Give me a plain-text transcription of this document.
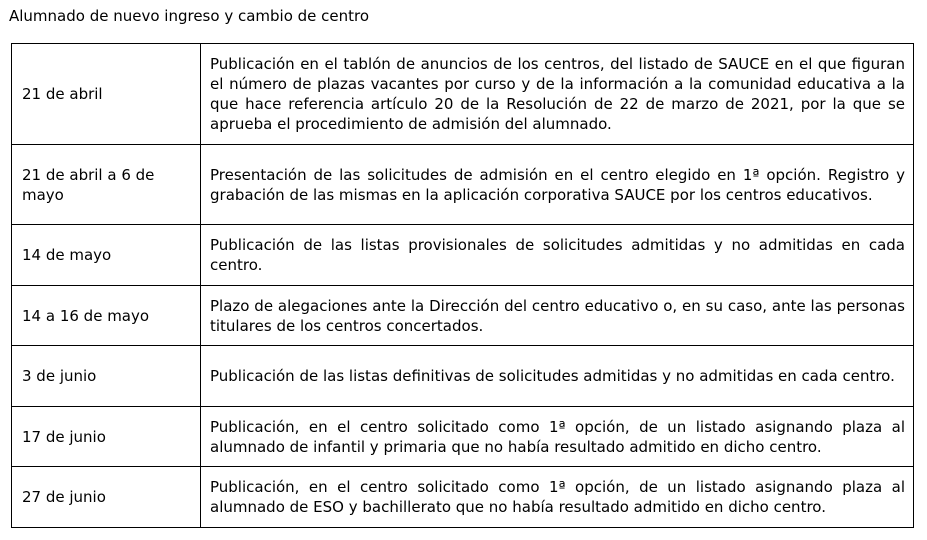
Alumnado de nuevo ingreso y cambio de centro
21 de abril	Publicación en el tablón de anuncios de los centros, del listado de SAUCE en el que figuran el número de plazas vacantes por curso y de la información a la comunidad educativa a la que hace referencia artículo 20 de la Resolución de 22 de marzo de 2021, por la que se aprueba el procedimiento de admisión del alumnado.
21 de abril a 6 de mayo	Presentación de las solicitudes de admisión en el centro elegido en 1ª opción. Registro y grabación de las mismas en la aplicación corporativa SAUCE por los centros educativos.
14 de mayo	Publicación de las listas provisionales de solicitudes admitidas y no admitidas en cada centro.
14 a 16 de mayo	Plazo de alegaciones ante la Dirección del centro educativo o, en su caso, ante las personas titulares de los centros concertados.
3 de junio	Publicación de las listas definitivas de solicitudes admitidas y no admitidas en cada centro.
17 de junio	Publicación, en el centro solicitado como 1ª opción, de un listado asignando plaza al alumnado de infantil y primaria que no había resultado admitido en dicho centro.
27 de junio	Publicación, en el centro solicitado como 1ª opción, de un listado asignando plaza al alumnado de ESO y bachillerato que no había resultado admitido en dicho centro.
